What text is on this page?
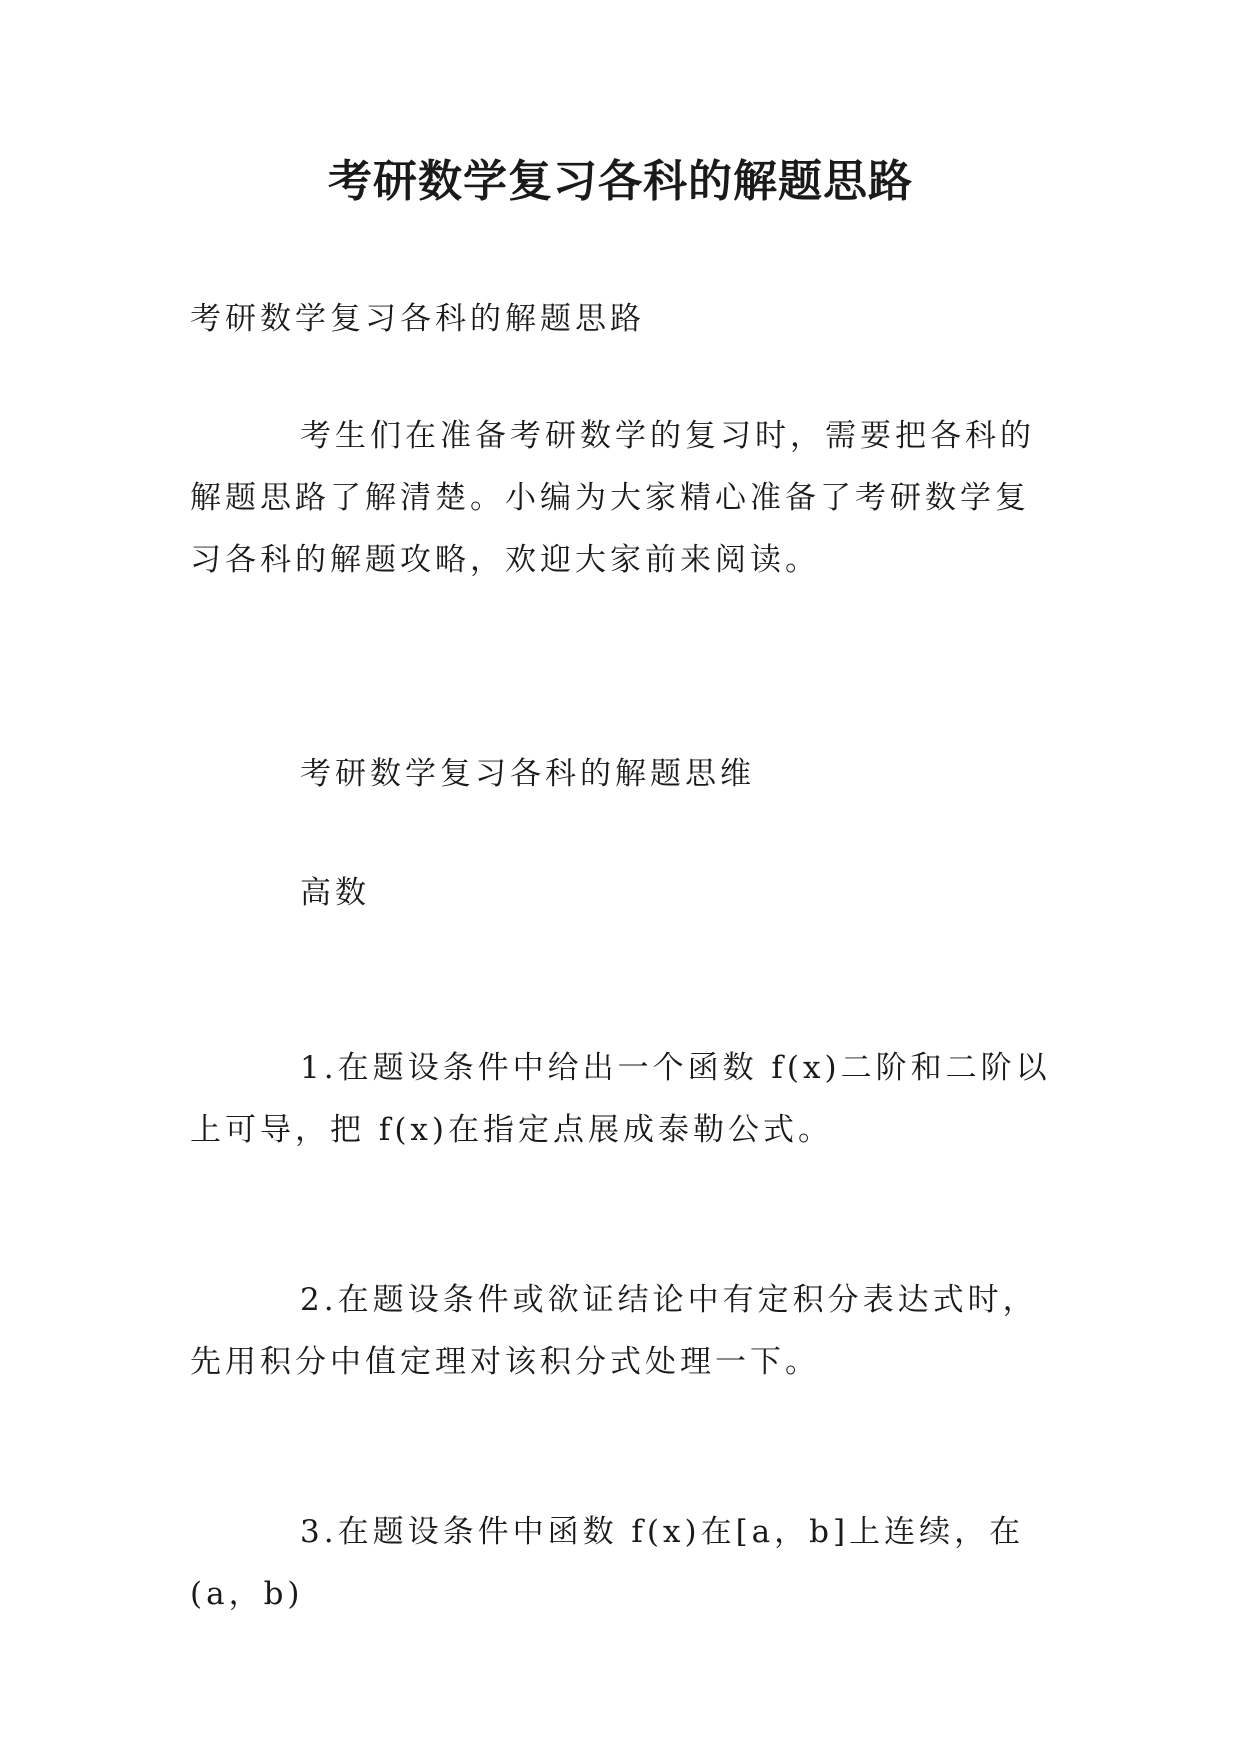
考研数学复习各科的解题思路
考研数学复习各科的解题思路
考生们在准备考研数学的复习时，需要把各科的解题思路了解清楚。小编为大家精心准备了考研数学复习各科的解题攻略，欢迎大家前来阅读。
考研数学复习各科的解题思维
高数
1.在题设条件中给出一个函数 f(x)二阶和二阶以上可导，把 f(x)在指定点展成泰勒公式。
2.在题设条件或欲证结论中有定积分表达式时，先用积分中值定理对该积分式处理一下。
3.在题设条件中函数 f(x)在[a，b]上连续，在(a，b)
